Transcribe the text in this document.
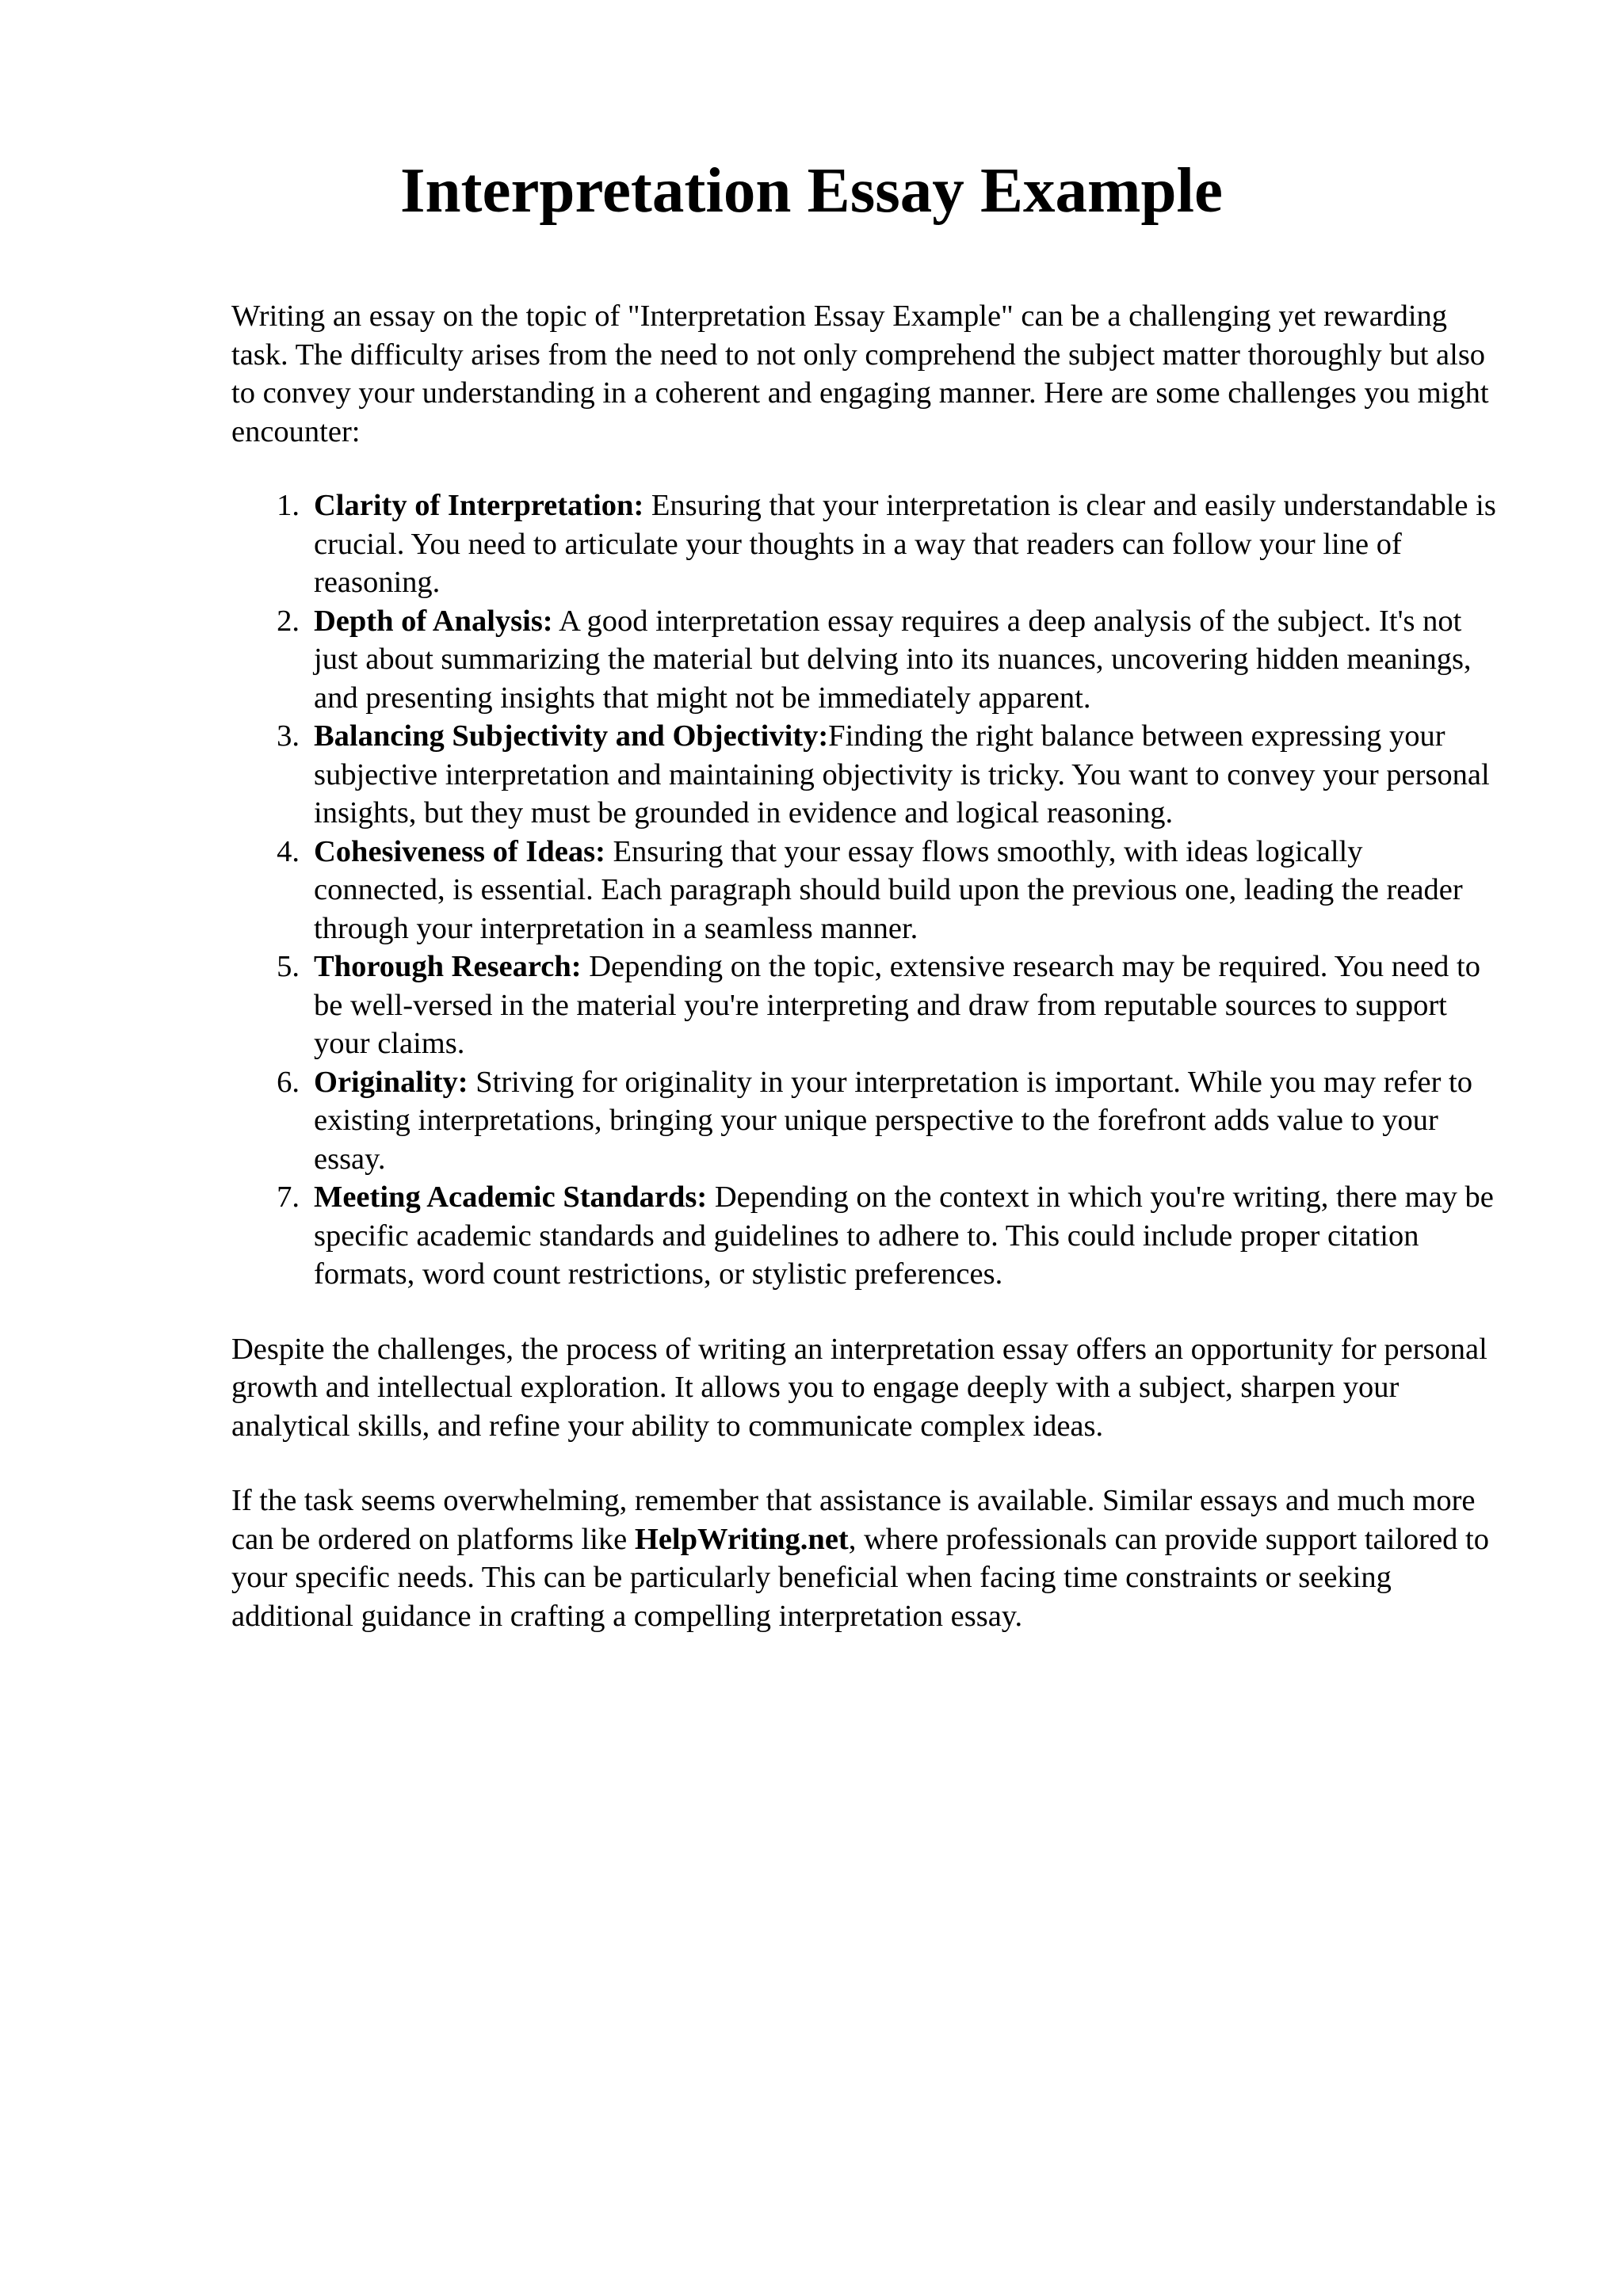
Interpretation Essay Example

Writing an essay on the topic of "Interpretation Essay Example" can be a challenging yet rewarding task. The difficulty arises from the need to not only comprehend the subject matter thoroughly but also to convey your understanding in a coherent and engaging manner. Here are some challenges you might encounter:

Clarity of Interpretation: Ensuring that your interpretation is clear and easily understandable is crucial. You need to articulate your thoughts in a way that readers can follow your line of reasoning.
Depth of Analysis: A good interpretation essay requires a deep analysis of the subject. It's not just about summarizing the material but delving into its nuances, uncovering hidden meanings, and presenting insights that might not be immediately apparent.
Balancing Subjectivity and Objectivity:Finding the right balance between expressing your subjective interpretation and maintaining objectivity is tricky. You want to convey your personal insights, but they must be grounded in evidence and logical reasoning.
Cohesiveness of Ideas: Ensuring that your essay flows smoothly, with ideas logically connected, is essential. Each paragraph should build upon the previous one, leading the reader through your interpretation in a seamless manner.
Thorough Research: Depending on the topic, extensive research may be required. You need to be well-versed in the material you're interpreting and draw from reputable sources to support your claims.
Originality: Striving for originality in your interpretation is important. While you may refer to existing interpretations, bringing your unique perspective to the forefront adds value to your essay.
Meeting Academic Standards: Depending on the context in which you're writing, there may be specific academic standards and guidelines to adhere to. This could include proper citation formats, word count restrictions, or stylistic preferences.

Despite the challenges, the process of writing an interpretation essay offers an opportunity for personal growth and intellectual exploration. It allows you to engage deeply with a subject, sharpen your analytical skills, and refine your ability to communicate complex ideas.

If the task seems overwhelming, remember that assistance is available. Similar essays and much more can be ordered on platforms like HelpWriting.net, where professionals can provide support tailored to your specific needs. This can be particularly beneficial when facing time constraints or seeking additional guidance in crafting a compelling interpretation essay.
